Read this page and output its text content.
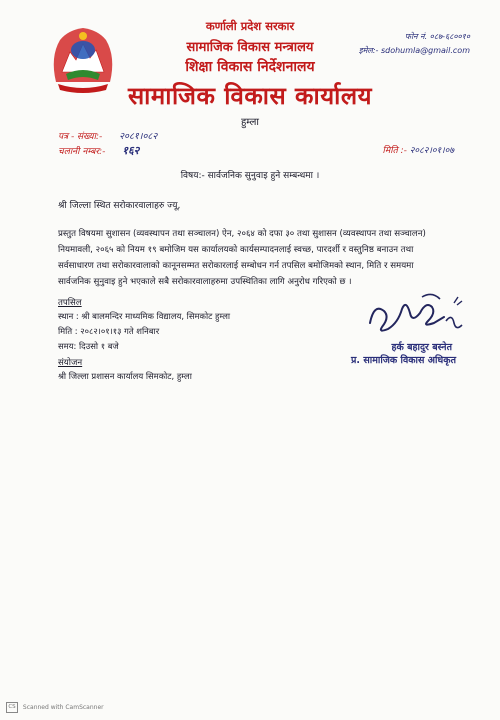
कर्णाली प्रदेश सरकार
सामाजिक विकास मन्त्रालय
शिक्षा विकास निर्देशनालय
सामाजिक विकास कार्यालय
हुम्ला
फोन नं. ०८७-६८००१०
इमेल:- sdohumla@gmail.com
पत्र - संख्या:- २०८१।०८२
चलानी नम्बर:- १६२	मिति :- २०८२।०१।०७
विषय:- सार्वजनिक सुनुवाइ हुने सम्बन्धमा ।
श्री जिल्ला स्थित सरोकारवालाहरु ज्यू,
प्रस्तुत विषयमा सुशासन (व्यवस्थापन तथा सञ्चालन) ऐन, २०६४ को दफा ३० तथा सुशासन (व्यवस्थापन तथा सञ्चालन)
नियमावली, २०६५ को नियम १९ बमोजिम यस कार्यालयको कार्यसम्पादनलाई स्वच्छ, पारदर्शी र वस्तुनिष्ठ बनाउन तथा
सर्वसाधारण तथा सरोकारवालाको कानूनसम्मत सरोकारलाई सम्बोधन गर्न तपसिल बमोजिमको स्थान, मिति र समयमा
सार्वजनिक सुनुवाइ हुने भएकाले सबै सरोकारवालाहरुमा उपस्थितिका लागि अनुरोध गरिएको छ ।
तपसिल
स्थान : श्री बालमन्दिर माध्यमिक विद्यालय, सिमकोट हुम्ला
मिति : २०८२।०१।१३ गते शनिबार
समय: दिउसो १ बजे
संयोजन
श्री जिल्ला प्रशासन कार्यालय सिमकोट, हुम्ला
हर्क बहादुर बस्नेत
प्र. सामाजिक विकास अधिकृत
CS Scanned with CamScanner
